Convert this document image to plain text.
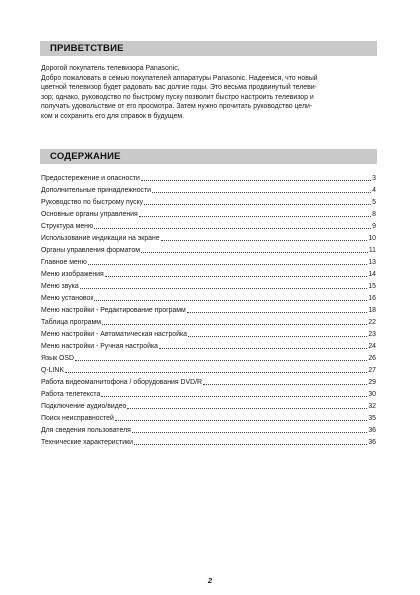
ПРИВЕТСТВИЕ

Дорогой покупатель телевизора Panasonic,

Добро пожаловать в семью покупателей аппаратуры Panasonic. Надеемся, что новый
цветной телевизор будет радовать вас долгие годы. Это весьма продвинутый телеви-
зор; однако, руководство по быстрому пуску позволит быстро настроить телевизор и
получать удовольствие от его просмотра. Затем нужно прочитать руководство цели-
ком и сохранить его для справок в будущем.

СОДЕРЖАНИЕ
Предостережение и опасности	3
Дополнительные принадлежности	4
Руководство по быстрому пуску	5
Основные органы управления	8
Структура меню	9
Использование индикации на экране	10
Органы управления форматом	11
Главное меню	13
Меню изображения	14
Меню звука	15
Меню установок	16
Меню настройки - Редактирование программ	18
Таблица программ	22
Меню настройки - Автоматическая настройка	23
Меню настройки - Ручная настройка	24
Язык OSD	26
Q-LINK	27
Работа видеомагнитофона / оборудования DVD/R	29
Работа телетекста	30
Подключение аудио/видео	32
Поиск неисправностей	35
Для сведения пользователя	36
Технические характеристики	36
2
